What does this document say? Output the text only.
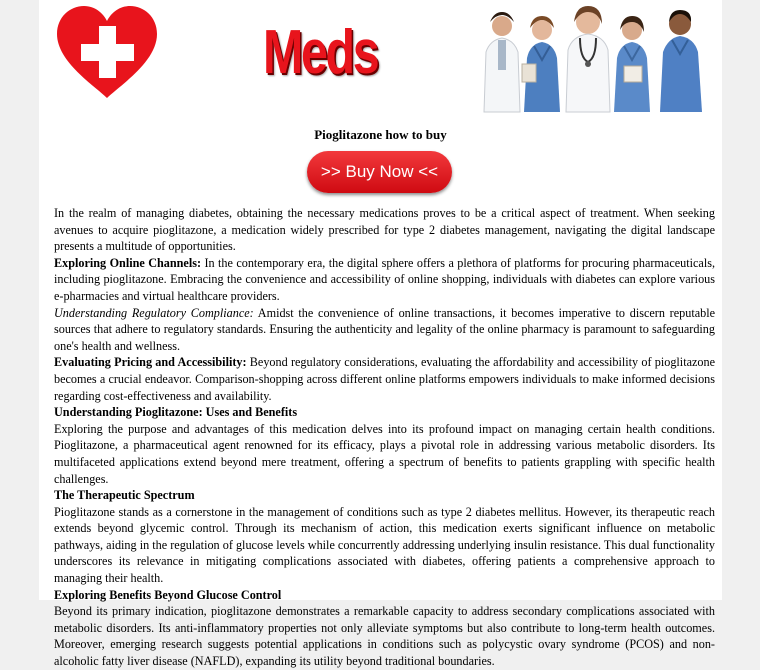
Meds
Pioglitazone how to buy
>> Buy Now <<

In the realm of managing diabetes, obtaining the necessary medications proves to be a critical aspect of treatment. When seeking avenues to acquire pioglitazone, a medication widely prescribed for type 2 diabetes management, navigating the digital landscape presents a multitude of opportunities.

Exploring Online Channels: In the contemporary era, the digital sphere offers a plethora of platforms for procuring pharmaceuticals, including pioglitazone. Embracing the convenience and accessibility of online shopping, individuals with diabetes can explore various e-pharmacies and virtual healthcare providers.

Understanding Regulatory Compliance: Amidst the convenience of online transactions, it becomes imperative to discern reputable sources that adhere to regulatory standards. Ensuring the authenticity and legality of the online pharmacy is paramount to safeguarding one's health and wellness.

Evaluating Pricing and Accessibility: Beyond regulatory considerations, evaluating the affordability and accessibility of pioglitazone becomes a crucial endeavor. Comparison-shopping across different online platforms empowers individuals to make informed decisions regarding cost-effectiveness and availability.

Understanding Pioglitazone: Uses and Benefits

Exploring the purpose and advantages of this medication delves into its profound impact on managing certain health conditions. Pioglitazone, a pharmaceutical agent renowned for its efficacy, plays a pivotal role in addressing various metabolic disorders. Its multifaceted applications extend beyond mere treatment, offering a spectrum of benefits to patients grappling with specific health challenges.

The Therapeutic Spectrum

Pioglitazone stands as a cornerstone in the management of conditions such as type 2 diabetes mellitus. However, its therapeutic reach extends beyond glycemic control. Through its mechanism of action, this medication exerts significant influence on metabolic pathways, aiding in the regulation of glucose levels while concurrently addressing underlying insulin resistance. This dual functionality underscores its relevance in mitigating complications associated with diabetes, offering patients a comprehensive approach to managing their health.

Exploring Benefits Beyond Glucose Control

Beyond its primary indication, pioglitazone demonstrates a remarkable capacity to address secondary complications associated with metabolic disorders. Its anti-inflammatory properties not only alleviate symptoms but also contribute to long-term health outcomes. Moreover, emerging research suggests potential applications in conditions such as polycystic ovary syndrome (PCOS) and non-alcoholic fatty liver disease (NAFLD), expanding its utility beyond traditional boundaries.
